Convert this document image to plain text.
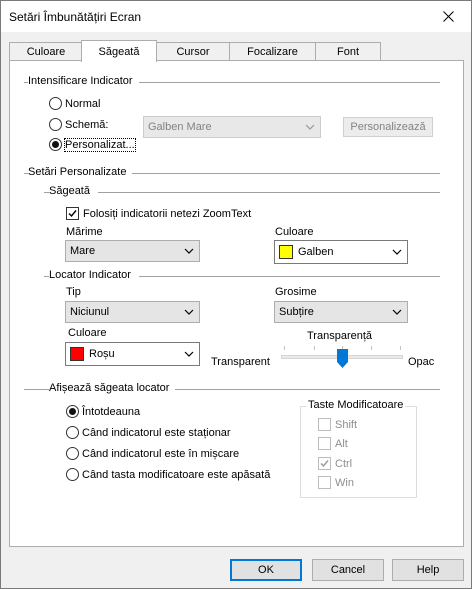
Setări Îmbunătățiri Ecran
Culoare	Săgeată	Cursor	Focalizare	Font
Intensificare Indicator
Normal
Schemă:	Galben Mare	Personalizează
Personalizat...
Setări Personalizate
Săgeată
Folosiți indicatorii netezi ZoomText
Mărime
Mare
Culoare
Galben
Locator Indicator
Tip
Niciunul
Grosime
Subțire
Culoare
Roșu
Transparență
Transparent	Opac
Afișează săgeata locator
Întotdeauna
Când indicatorul este staționar
Când indicatorul este în mișcare
Când tasta modificatoare este apăsată
Taste Modificatoare
Shift
Alt
Ctrl
Win
OK	Cancel	Help
